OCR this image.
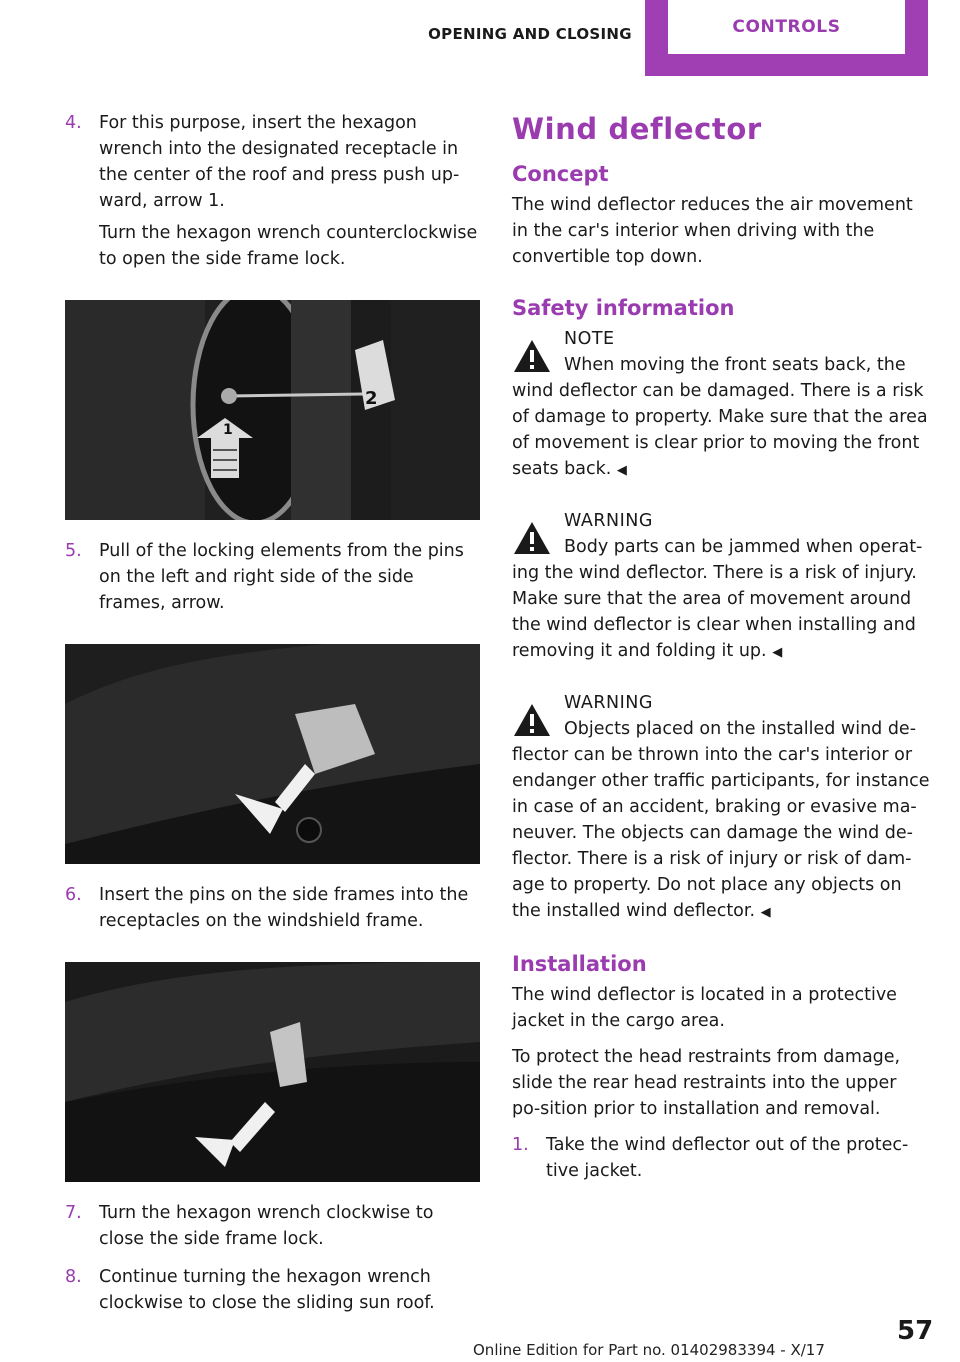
OPENING AND CLOSING	CONTROLS
4. For this purpose, insert the hexagon wrench into the designated receptacle in the center of the roof and press push up‐ward, arrow 1.

Turn the hexagon wrench counterclockwise to open the side frame lock.

1
2
5. Pull of the locking elements from the pins on the left and right side of the side frames, arrow.

6. Insert the pins on the side frames into the receptacles on the windshield frame.

7. Turn the hexagon wrench clockwise to close the side frame lock.

8. Continue turning the hexagon wrench clockwise to close the sliding sun roof.

Wind deflector
Concept

The wind deflector reduces the air movement in the car's interior when driving with the convertible top down.

Safety information
NOTE
When moving the front seats back, the wind deflector can be damaged. There is a risk of damage to property. Make sure that the area of movement is clear prior to moving the front seats back. ◀
WARNING
Body parts can be jammed when operat‐ing the wind deflector. There is a risk of injury. Make sure that the area of movement around the wind deflector is clear when installing and removing it and folding it up. ◀
WARNING
Objects placed on the installed wind de‐flector can be thrown into the car's interior or endanger other traffic participants, for instance in case of an accident, braking or evasive ma‐neuver. The objects can damage the wind de‐flector. There is a risk of injury or risk of dam‐age to property. Do not place any objects on the installed wind deflector. ◀
Installation

The wind deflector is located in a protective jacket in the cargo area.

To protect the head restraints from damage, slide the rear head restraints into the upper po‐sition prior to installation and removal.

1. Take the wind deflector out of the protec‐tive jacket.

57
Online Edition for Part no. 01402983394 - X/17
